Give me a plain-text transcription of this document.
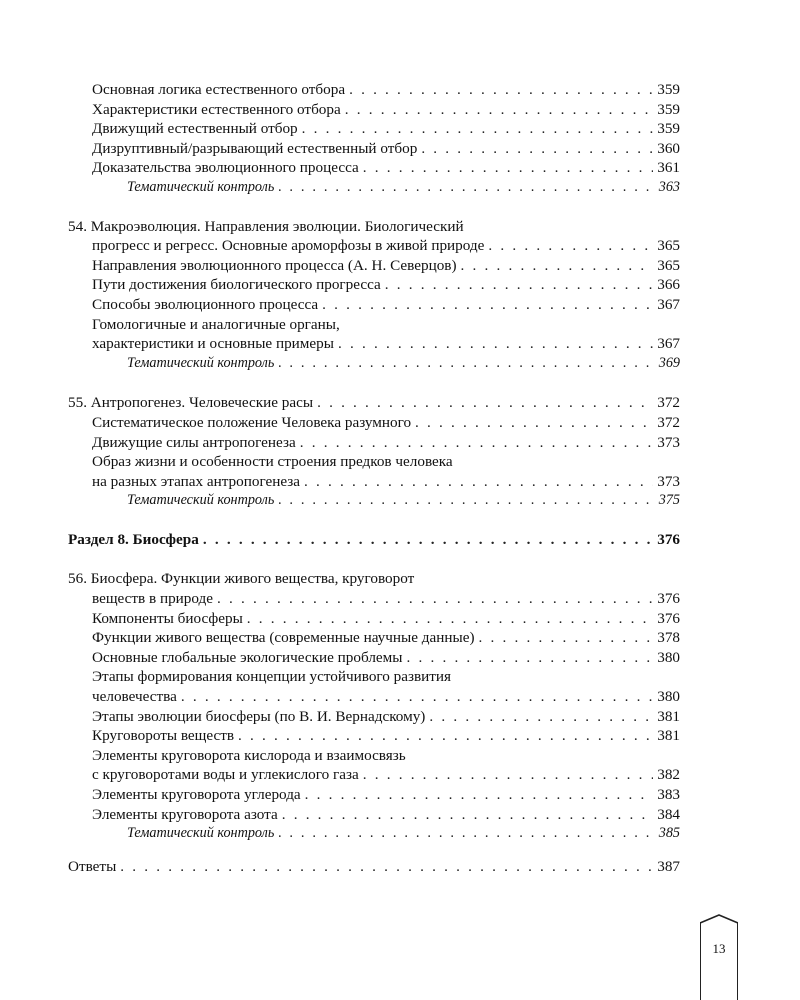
Основная логика естественного отбора . . .	359
Характеристики естественного отбора . . .	359
Движущий естественный отбор . . .	359
Дизруптивный/разрывающий естественный отбор . . .	360
Доказательства эволюционного процесса . . .	361
Тематический контроль . . .	363
54. Макроэволюция. Направления эволюции. Биологический
прогресс и регресс. Основные ароморфозы в живой природе . . .	365
Направления эволюционного процесса (А. Н. Северцов) . . .	365
Пути достижения биологического прогресса . . .	366
Способы эволюционного процесса . . .	367
Гомологичные и аналогичные органы,
характеристики и основные примеры . . .	367
Тематический контроль . . .	369
55. Антропогенез. Человеческие расы . . .	372
Систематическое положение Человека разумного . . .	372
Движущие силы антропогенеза . . .	373
Образ жизни и особенности строения предков человека
на разных этапах антропогенеза . . .	373
Тематический контроль . . .	375
Раздел 8. Биосфера . . .	376
56. Биосфера. Функции живого вещества, круговорот
веществ в природе . . .	376
Компоненты биосферы . . .	376
Функции живого вещества (современные научные данные) . . .	378
Основные глобальные экологические проблемы . . .	380
Этапы формирования концепции устойчивого развития
человечества . . .	380
Этапы эволюции биосферы (по В. И. Вернадскому) . . .	381
Круговороты веществ . . .	381
Элементы круговорота кислорода и взаимосвязь
с круговоротами воды и углекислого газа . . .	382
Элементы круговорота углерода . . .	383
Элементы круговорота азота . . .	384
Тематический контроль . . .	385
Ответы . . .	387
13
